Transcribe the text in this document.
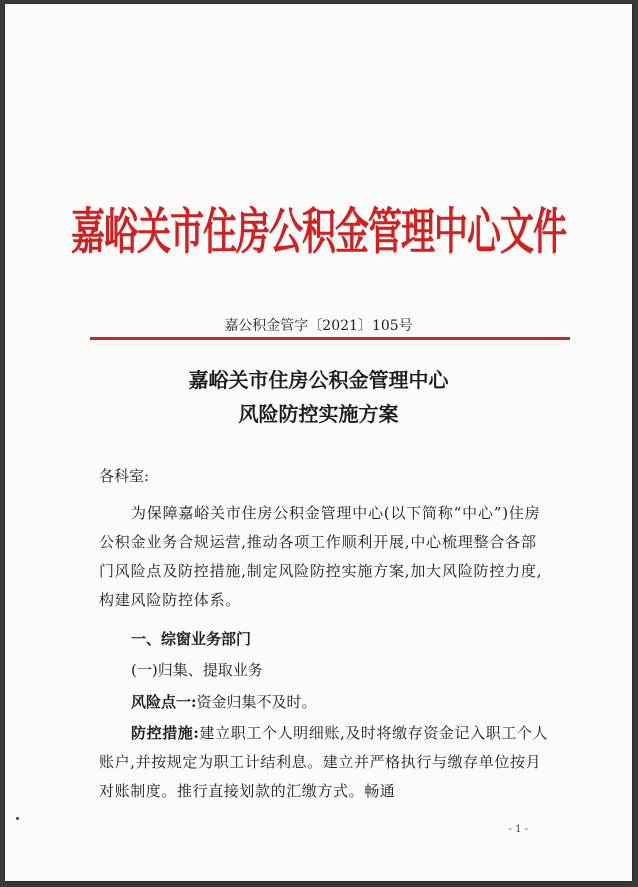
嘉峪关市住房公积金管理中心文件
嘉公积金管字〔2021〕105号
嘉峪关市住房公积金管理中心
风险防控实施方案
各科室:
为保障嘉峪关市住房公积金管理中心(以下简称“中心”)住房公积金业务合规运营,推动各项工作顺利开展,中心梳理整合各部门风险点及防控措施,制定风险防控实施方案,加大风险防控力度,构建风险防控体系。
一、综窗业务部门
(一)归集、提取业务
风险点一:资金归集不及时。
防控措施:建立职工个人明细账,及时将缴存资金记入职工个人账户,并按规定为职工计结利息。建立并严格执行与缴存单位按月对账制度。推行直接划款的汇缴方式。畅通
- 1 -
